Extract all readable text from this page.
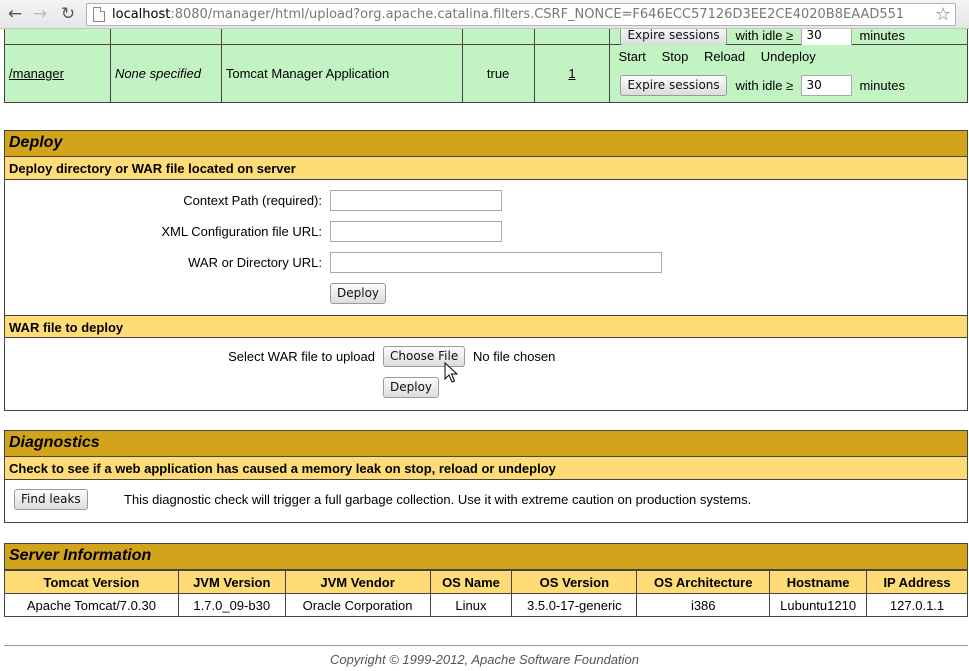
← → ↻	localhost:8080/manager/html/upload?org.apache.catalina.filters.CSRF_NONCE=F646ECC57126D3EE2CE4020B8EAAD551 ☆

					Expire sessions with idle ≥ 30 minutes

/manager	None specified	Tomcat Manager Application	true	1	Start Stop Reload Undeploy
Expire sessions with idle ≥ 30 minutes
Deploy
Deploy directory or WAR file located on server
Context Path (required):
XML Configuration file URL:
WAR or Directory URL:
Deploy
WAR file to deploy
Select WAR file to upload	Choose File	No file chosen
Deploy
Diagnostics
Check to see if a web application has caused a memory leak on stop, reload or undeploy
Find leaks	This diagnostic check will trigger a full garbage collection. Use it with extreme caution on production systems.
Server Information
Tomcat Version	JVM Version	JVM Vendor	OS Name	OS Version	OS Architecture	Hostname	IP Address
Apache Tomcat/7.0.30	1.7.0_09-b30	Oracle Corporation	Linux	3.5.0-17-generic	i386	Lubuntu1210	127.0.1.1
Copyright © 1999-2012, Apache Software Foundation
